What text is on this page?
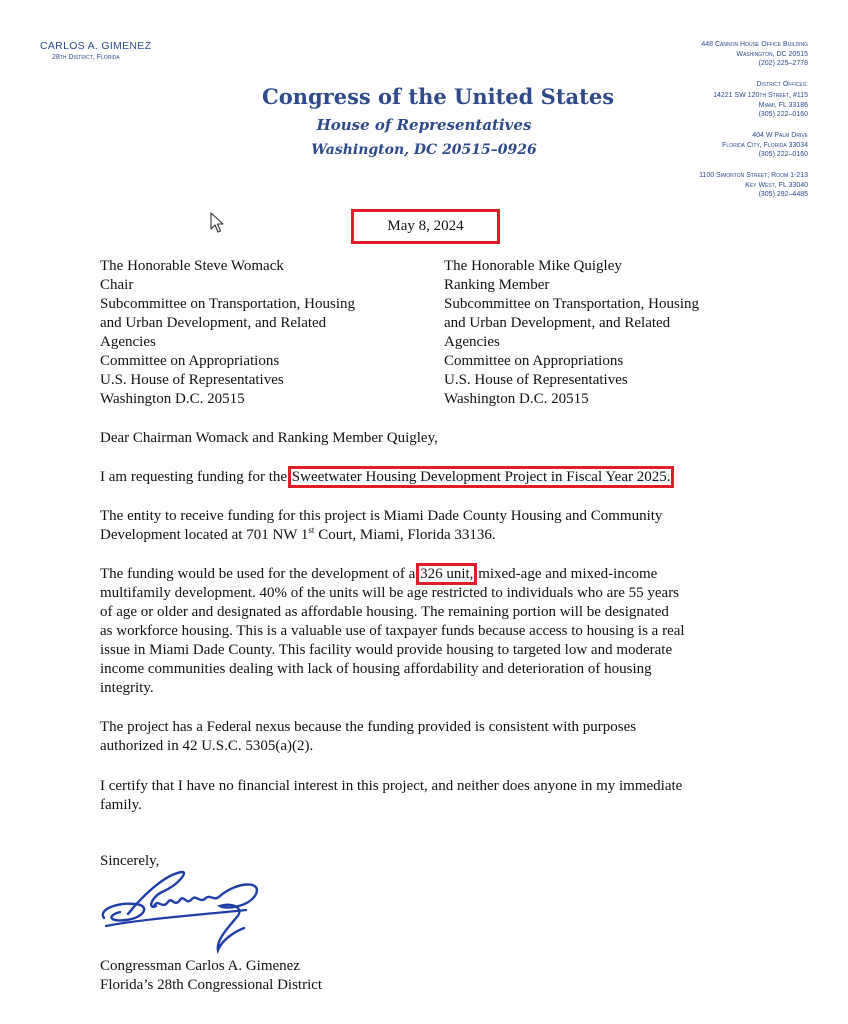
CARLOS A. GIMENEZ
28th District, Florida
Congress of the United States
House of Representatives
Washington, DC 20515–0926
448 Cannon House Office Building
Washington, DC 20515
(202) 225–2778
District Offices:
14221 SW 120th Street, #115
Miami, FL 33186
(305) 222–0160
404 W Palm Drive
Florida City, Florida 33034
(305) 222–0160
1100 Simonton Street, Room 1-213
Key West, FL 33040
(305) 292–4485
May 8, 2024
The Honorable Steve Womack
Chair
Subcommittee on Transportation, Housing
and Urban Development, and Related
Agencies
Committee on Appropriations
U.S. House of Representatives
Washington D.C. 20515
The Honorable Mike Quigley
Ranking Member
Subcommittee on Transportation, Housing
and Urban Development, and Related
Agencies
Committee on Appropriations
U.S. House of Representatives
Washington D.C. 20515
Dear Chairman Womack and Ranking Member Quigley,
I am requesting funding for the Sweetwater Housing Development Project in Fiscal Year 2025.
The entity to receive funding for this project is Miami Dade County Housing and Community
Development located at 701 NW 1st Court, Miami, Florida 33136.
The funding would be used for the development of a 326 unit, mixed-age and mixed-income
multifamily development. 40% of the units will be age restricted to individuals who are 55 years
of age or older and designated as affordable housing. The remaining portion will be designated
as workforce housing. This is a valuable use of taxpayer funds because access to housing is a real
issue in Miami Dade County. This facility would provide housing to targeted low and moderate
income communities dealing with lack of housing affordability and deterioration of housing
integrity.
The project has a Federal nexus because the funding provided is consistent with purposes
authorized in 42 U.S.C. 5305(a)(2).
I certify that I have no financial interest in this project, and neither does anyone in my immediate
family.
Sincerely,
Congressman Carlos A. Gimenez
Florida’s 28th Congressional District
